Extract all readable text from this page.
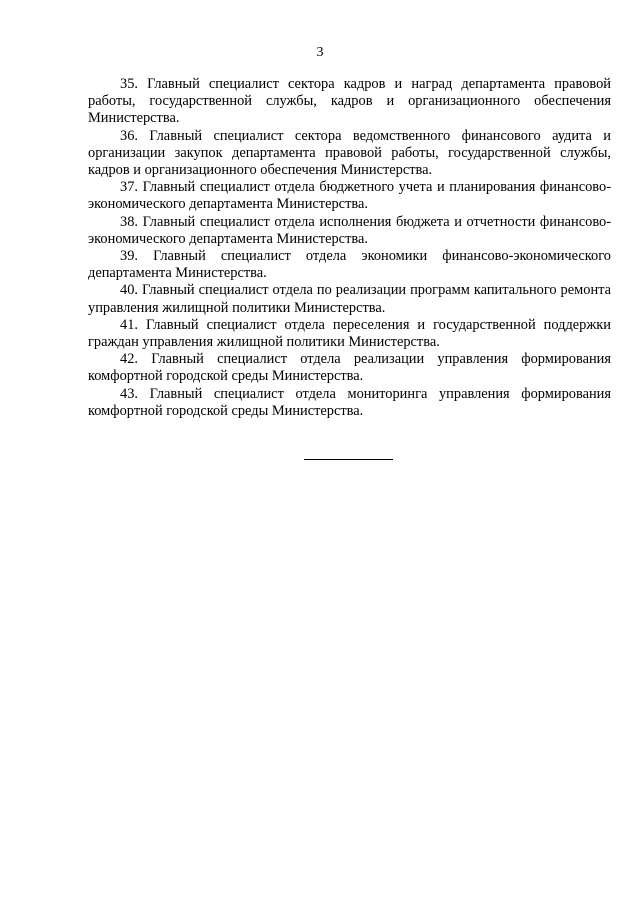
3

35. Главный специалист сектора кадров и наград департамента правовой работы, государственной службы, кадров и организационного обеспечения Министерства.

36. Главный специалист сектора ведомственного финансового аудита и организации закупок департамента правовой работы, государственной службы, кадров и организационного обеспечения Министерства.

37. Главный специалист отдела бюджетного учета и планирования финансово-экономического департамента Министерства.

38. Главный специалист отдела исполнения бюджета и отчетности финансово-экономического департамента Министерства.

39. Главный специалист отдела экономики финансово-экономического департамента Министерства.

40. Главный специалист отдела по реализации программ капитального ремонта управления жилищной политики Министерства.

41. Главный специалист отдела переселения и государственной поддержки граждан управления жилищной политики Министерства.

42. Главный специалист отдела реализации управления формирования комфортной городской среды Министерства.

43. Главный специалист отдела мониторинга управления формирования комфортной городской среды Министерства.
